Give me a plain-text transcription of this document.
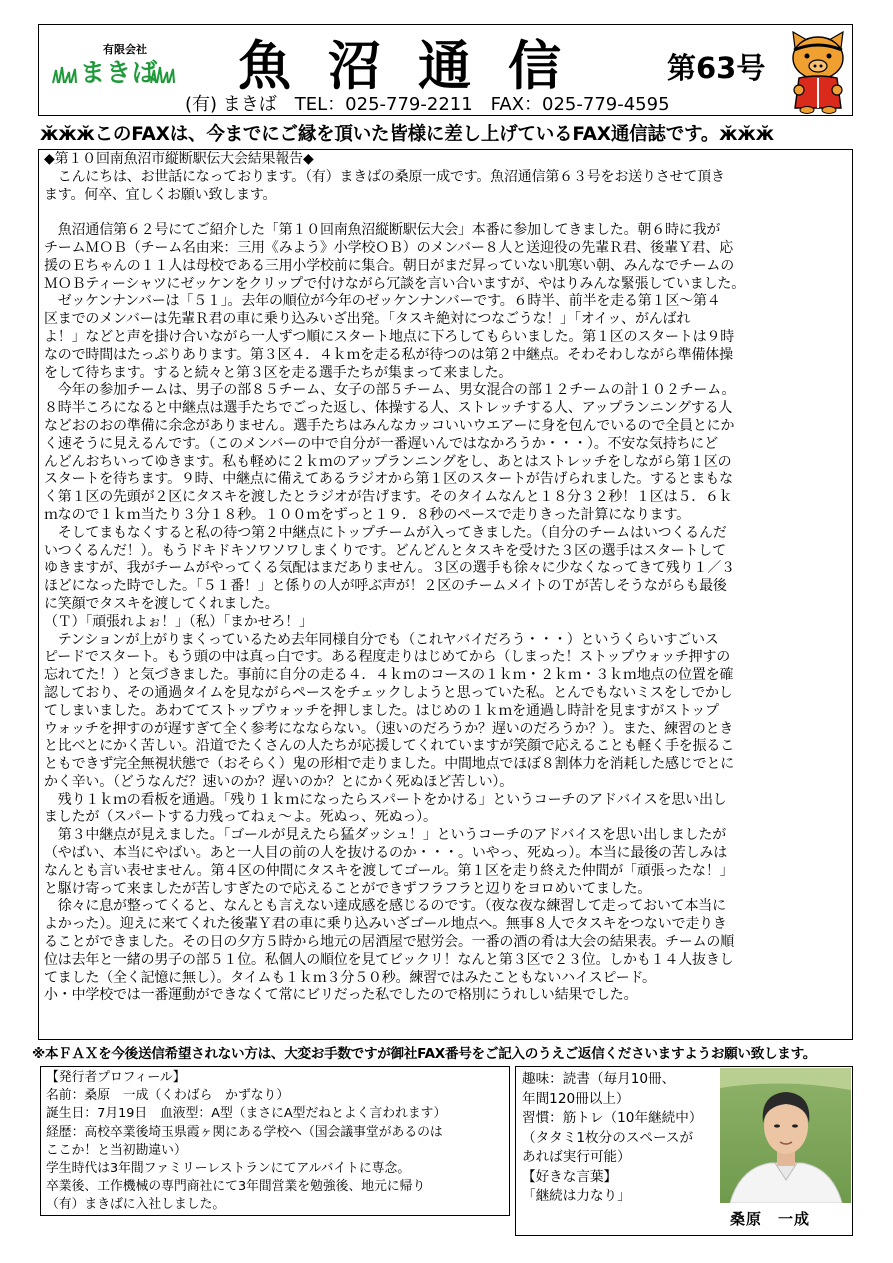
有限会社
まきば 魚沼通信 第63号
(有) まきば　TEL：025-779-2211　FAX：025-779-4595
ӂӂӂこのFAXは、今までにご縁を頂いた皆様に差し上げているFAX通信誌です。ӂӂӂ
◆第１０回南魚沼市縦断駅伝大会結果報告◆
　こんにちは、お世話になっております。（有）まきばの桑原一成です。魚沼通信第６３号をお送りさせて頂き
ます。何卒、宜しくお願い致します。
　魚沼通信第６２号にてご紹介した「第１０回南魚沼縦断駅伝大会」本番に参加してきました。朝６時に我が
チームＭＯＢ（チーム名由来：三用《みよう》小学校ＯＢ）のメンバー８人と送迎役の先輩Ｒ君、後輩Ｙ君、応
援のＥちゃんの１１人は母校である三用小学校前に集合。朝日がまだ昇っていない肌寒い朝、みんなでチームの
ＭＯＢティーシャツにゼッケンをクリップで付けながら冗談を言い合いますが、やはりみんな緊張していました。
　ゼッケンナンバーは「５１」。去年の順位が今年のゼッケンナンバーです。６時半、前半を走る第１区～第４
区までのメンバーは先輩Ｒ君の車に乗り込みいざ出発。「タスキ絶対につなごうな！」「オイッ、がんばれ
よ！」などと声を掛け合いながら一人ずつ順にスタート地点に下ろしてもらいました。第１区のスタートは９時
なので時間はたっぷりあります。第３区４．４ｋｍを走る私が待つのは第２中継点。そわそわしながら準備体操
をして待ちます。すると続々と第３区を走る選手たちが集まって来ました。
　今年の参加チームは、男子の部８５チーム、女子の部５チーム、男女混合の部１２チームの計１０２チーム。
８時半ころになると中継点は選手たちでごった返し、体操する人、ストレッチする人、アップランニングする人
などおのおの準備に余念がありません。選手たちはみんなカッコいいウエアーに身を包んでいるので全員とにか
く速そうに見えるんです。（このメンバーの中で自分が一番遅いんではなかろうか・・・）。不安な気持ちにど
んどんおちいってゆきます。私も軽めに２ｋｍのアップランニングをし、あとはストレッチをしながら第１区の
スタートを待ちます。９時、中継点に備えてあるラジオから第１区のスタートが告げられました。するとまもな
く第１区の先頭が２区にタスキを渡したとラジオが告げます。そのタイムなんと１８分３２秒！１区は５．６ｋ
ｍなので１ｋｍ当たり３分１８秒。１００ｍをずっと１９．８秒のペースで走りきった計算になります。
　そしてまもなくすると私の待つ第２中継点にトップチームが入ってきました。（自分のチームはいつくるんだ
いつくるんだ！）。もうドキドキソワソワしまくりです。どんどんとタスキを受けた３区の選手はスタートして
ゆきますが、我がチームがやってくる気配はまだありません。３区の選手も徐々に少なくなってきて残り１／３
ほどになった時でした。「５１番！」と係りの人が呼ぶ声が！２区のチームメイトのＴが苦しそうながらも最後
に笑顔でタスキを渡してくれました。
（Ｔ）「頑張れよぉ！」（私）「まかせろ！」
　テンションが上がりまくっているため去年同様自分でも（これヤバイだろう・・・）というくらいすごいス
ピードでスタート。もう頭の中は真っ白です。ある程度走りはじめてから（しまった！ストップウォッチ押すの
忘れてた！）と気づきました。事前に自分の走る４．４ｋｍのコースの１ｋｍ・２ｋｍ・３ｋｍ地点の位置を確
認しており、その通過タイムを見ながらペースをチェックしようと思っていた私。とんでもないミスをしでかし
てしまいました。あわててストップウォッチを押しました。はじめの１ｋｍを通過し時計を見ますがストップ
ウォッチを押すのが遅すぎて全く参考になならない。（速いのだろうか？遅いのだろうか？）。また、練習のとき
と比べとにかく苦しい。沿道でたくさんの人たちが応援してくれていますが笑顔で応えることも軽く手を振るこ
ともできず完全無視状態で（おそらく）鬼の形相で走りました。中間地点でほぼ８割体力を消耗した感じでとに
かく辛い。（どうなんだ？速いのか？遅いのか？とにかく死ぬほど苦しい）。
　残り１ｋｍの看板を通過。「残り１ｋｍになったらスパートをかける」というコーチのアドバイスを思い出し
ましたが（スパートする力残ってねぇ～よ。死ぬっ、死ぬっ）。
　第３中継点が見えました。「ゴールが見えたら猛ダッシュ！」というコーチのアドバイスを思い出しましたが
（やばい、本当にやばい。あと一人目の前の人を抜けるのか・・・。いやっ、死ぬっ）。本当に最後の苦しみは
なんとも言い表せません。第４区の仲間にタスキを渡してゴール。第１区を走り終えた仲間が「頑張ったな！」
と駆け寄って来ましたが苦しすぎたので応えることができずフラフラと辺りをヨロめいてました。
　徐々に息が整ってくると、なんとも言えない達成感を感じるのです。（夜な夜な練習して走っておいて本当に
よかった）。迎えに来てくれた後輩Ｙ君の車に乗り込みいざゴール地点へ。無事８人でタスキをつないで走りき
ることができました。その日の夕方５時から地元の居酒屋で慰労会。一番の酒の肴は大会の結果表。チームの順
位は去年と一緒の男子の部５１位。私個人の順位を見てビックリ！なんと第３区で２３位。しかも１４人抜きし
てました（全く記憶に無し）。タイムも１ｋｍ３分５０秒。練習ではみたこともないハイスピード。
小・中学校では一番運動ができなくて常にビリだった私でしたので格別にうれしい結果でした。
※本ＦＡＸを今後送信希望されない方は、大変お手数ですが御社FAX番号をご記入のうえご返信くださいますようお願い致します。
【発行者プロフィール】
名前：桑原　一成（くわばら　かずなり）
誕生日：7月19日　血液型：A型（まさにA型だねとよく言われます）
経歴：高校卒業後埼玉県霞ヶ関にある学校へ（国会議事堂があるのは
ここか！と当初勘違い）
学生時代は3年間ファミリーレストランにてアルバイトに専念。
卒業後、工作機械の専門商社にて3年間営業を勉強後、地元に帰り
（有）まきばに入社しました。
趣味：読書（毎月10冊、
年間120冊以上）
習慣：筋トレ（10年継続中）
（タタミ1枚分のスペースが
あれば実行可能）
【好きな言葉】
「継続は力なり」
桑原　一成
